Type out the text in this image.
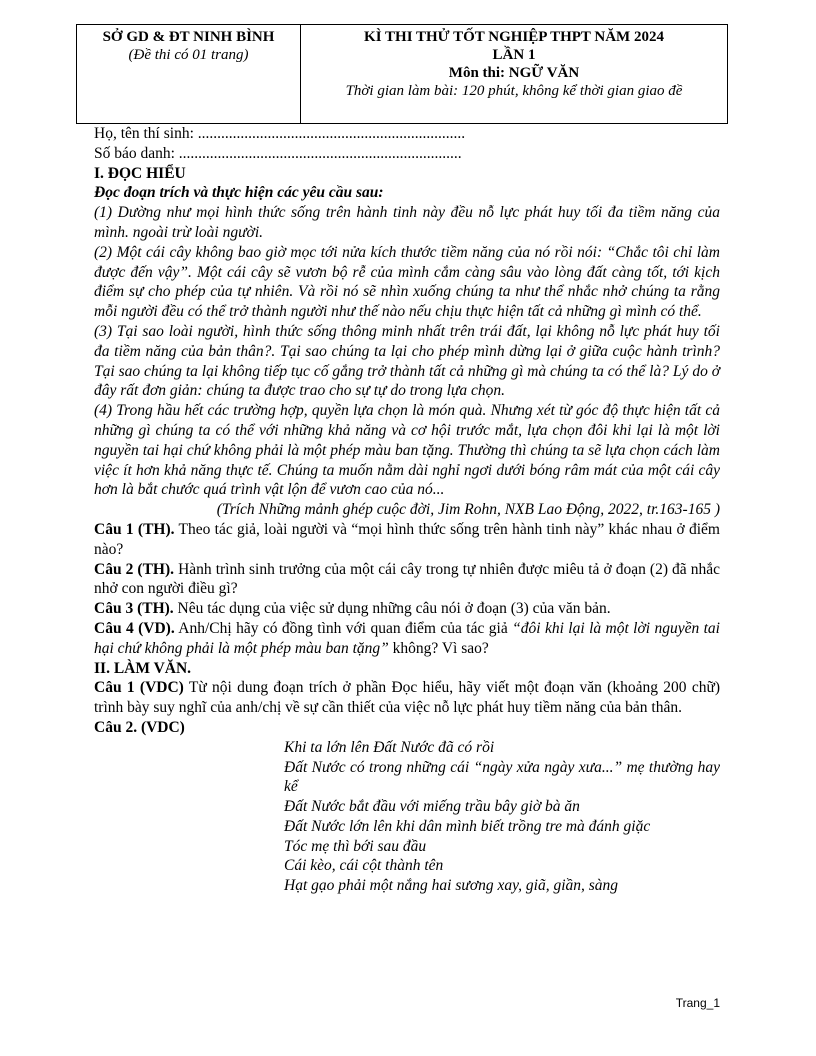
SỞ GD & ĐT NINH BÌNH
(Đề thi có 01 trang)
KÌ THI THỬ TỐT NGHIỆP THPT NĂM 2024
LẦN 1
Môn thi: NGỮ VĂN
Thời gian làm bài: 120 phút, không kể thời gian giao đề
Họ, tên thí sinh: .....................................................................
Số báo danh: .........................................................................
I. ĐỌC HIỂU
Đọc đoạn trích và thực hiện các yêu cầu sau:
(1) Dường như mọi hình thức sống trên hành tinh này đều nỗ lực phát huy tối đa tiềm năng của mình. ngoài trừ loài người.
(2) Một cái cây không bao giờ mọc tới nửa kích thước tiềm năng của nó rồi nói: “Chắc tôi chỉ làm được đến vậy”. Một cái cây sẽ vươn bộ rễ của mình cắm càng sâu vào lòng đất càng tốt, tới kịch điểm sự cho phép của tự nhiên. Và rồi nó sẽ nhìn xuống chúng ta như thể nhắc nhở chúng ta rằng mỗi người đều có thể trở thành người như thế nào nếu chịu thực hiện tất cả những gì mình có thể.
(3) Tại sao loài người, hình thức sống thông minh nhất trên trái đất, lại không nỗ lực phát huy tối đa tiềm năng của bản thân?. Tại sao chúng ta lại cho phép mình dừng lại ở giữa cuộc hành trình? Tại sao chúng ta lại không tiếp tục cố gắng trở thành tất cả những gì mà chúng ta có thể là? Lý do ở đây rất đơn giản: chúng ta được trao cho sự tự do trong lựa chọn.
(4) Trong hầu hết các trường hợp, quyền lựa chọn là món quà. Nhưng xét từ góc độ thực hiện tất cả những gì chúng ta có thể với những khả năng và cơ hội trước mắt, lựa chọn đôi khi lại là một lời nguyền tai hại chứ không phải là một phép màu ban tặng. Thường thì chúng ta sẽ lựa chọn cách làm việc ít hơn khả năng thực tế. Chúng ta muốn nằm dài nghỉ ngơi dưới bóng râm mát của một cái cây hơn là bắt chước quá trình vật lộn để vươn cao của nó...
(Trích Những mảnh ghép cuộc đời, Jim Rohn, NXB Lao Động, 2022, tr.163-165 )
Câu 1 (TH). Theo tác giả, loài người và “mọi hình thức sống trên hành tinh này” khác nhau ở điểm nào?
Câu 2 (TH). Hành trình sinh trưởng của một cái cây trong tự nhiên được miêu tả ở đoạn (2) đã nhắc nhở con người điều gì?
Câu 3 (TH). Nêu tác dụng của việc sử dụng những câu nói ở đoạn (3) của văn bản.
Câu 4 (VD). Anh/Chị hãy có đồng tình với quan điểm của tác giả “đôi khi lại là một lời nguyền tai hại chứ không phải là một phép màu ban tặng” không? Vì sao?
II. LÀM VĂN.
Câu 1 (VDC) Từ nội dung đoạn trích ở phần Đọc hiểu, hãy viết một đoạn văn (khoảng 200 chữ) trình bày suy nghĩ của anh/chị về sự cần thiết của việc nỗ lực phát huy tiềm năng của bản thân.
Câu 2. (VDC)
Khi ta lớn lên Đất Nước đã có rồi
Đất Nước có trong những cái “ngày xửa ngày xưa...” mẹ thường hay kể
Đất Nước bắt đầu với miếng trầu bây giờ bà ăn
Đất Nước lớn lên khi dân mình biết trồng tre mà đánh giặc
Tóc mẹ thì bới sau đầu
Cái kèo, cái cột thành tên
Hạt gạo phải một nắng hai sương xay, giã, giần, sàng
Trang_1
